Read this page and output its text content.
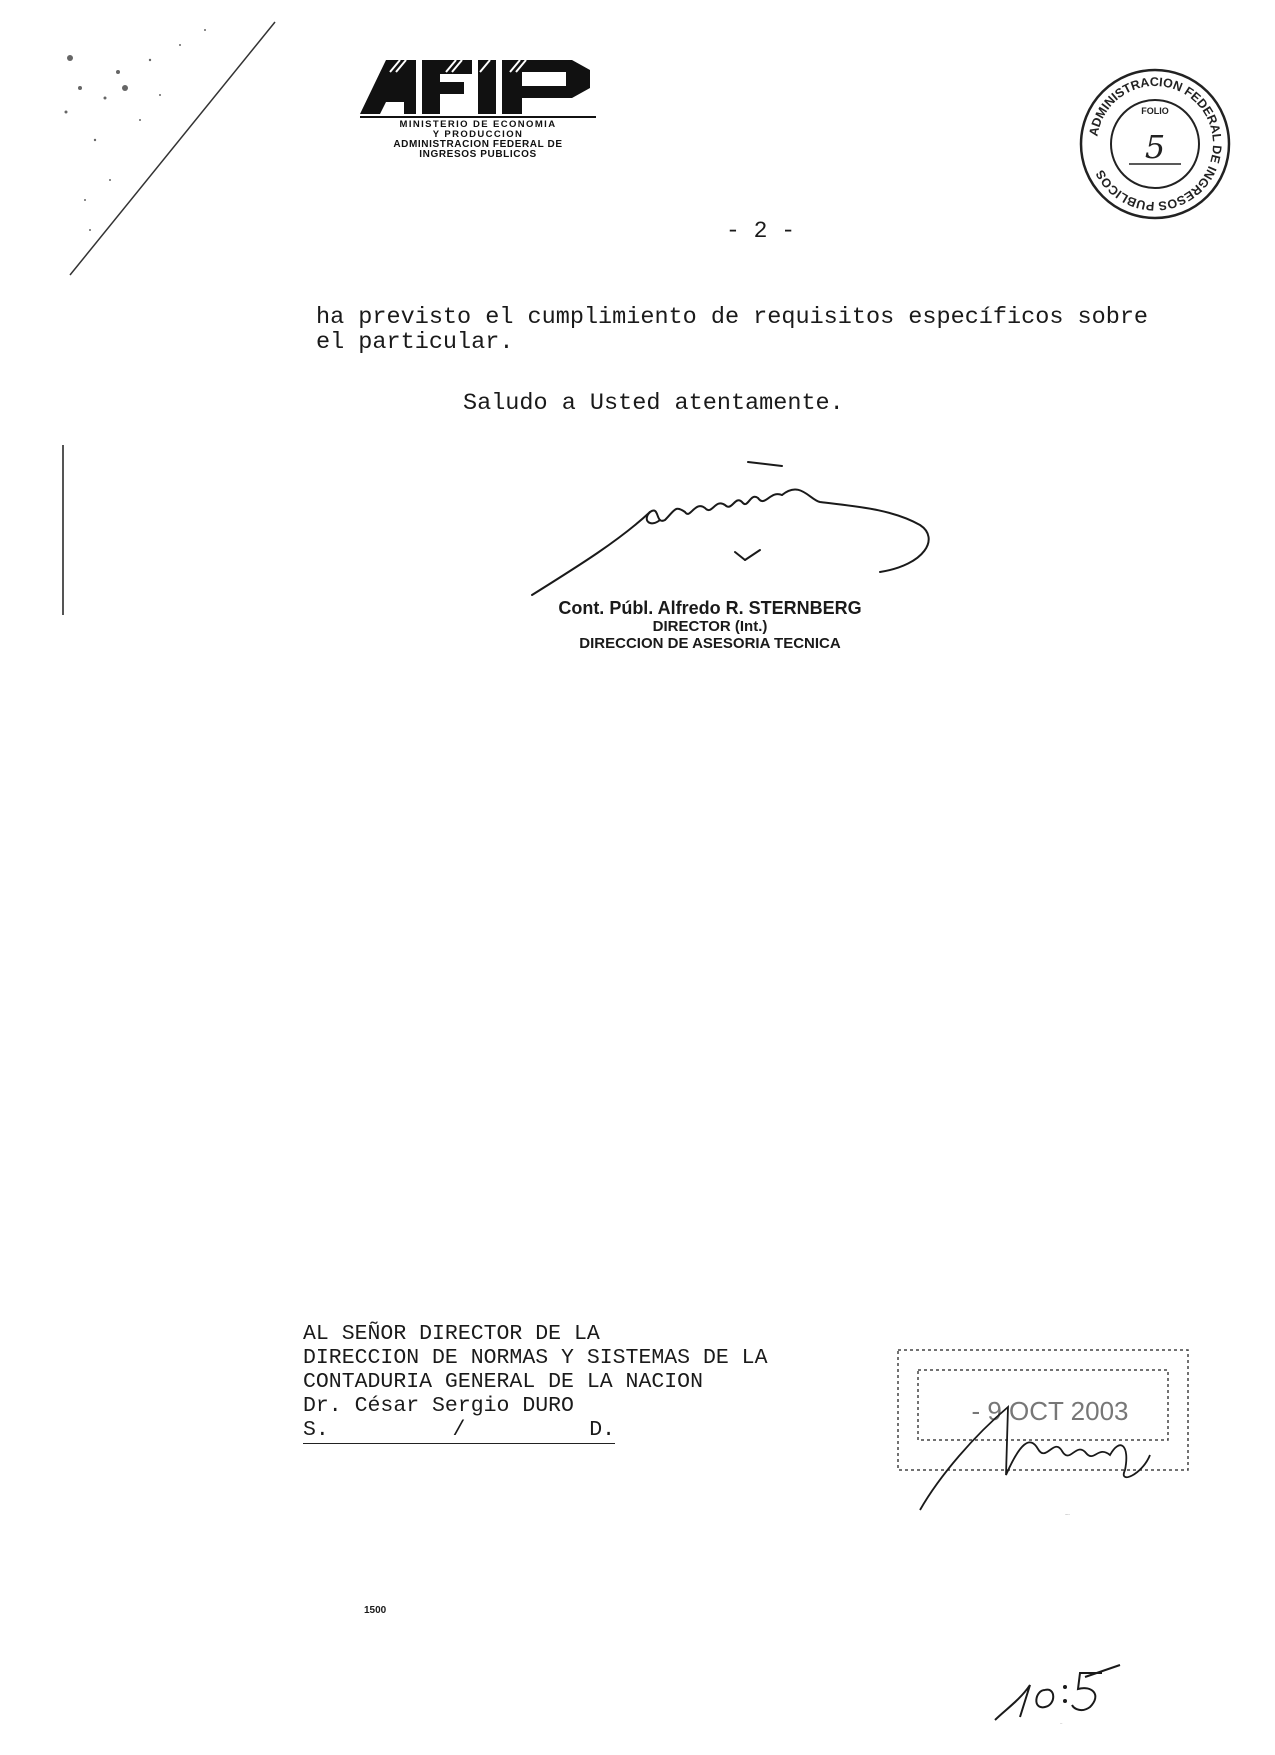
AFIP
MINISTERIO DE ECONOMIA
Y PRODUCCION
ADMINISTRACION FEDERAL DE
INGRESOS PUBLICOS
ADMINISTRACION FEDERAL DE INGRESOS PUBLICOS
FOLIO
5
- 2 -
ha previsto el cumplimiento de requisitos específicos sobre
el particular.
Saludo a Usted atentamente.
Cont. Públ. Alfredo R. STERNBERG
DIRECTOR (Int.)
DIRECCION DE ASESORIA TECNICA
AL SEÑOR DIRECTOR DE LA
DIRECCION DE NORMAS Y SISTEMAS DE LA
CONTADURIA GENERAL DE LA NACION
Dr. César Sergio DURO
S.	/	D.
- 9 OCT 2003
Manuel 6
1500
10:05
